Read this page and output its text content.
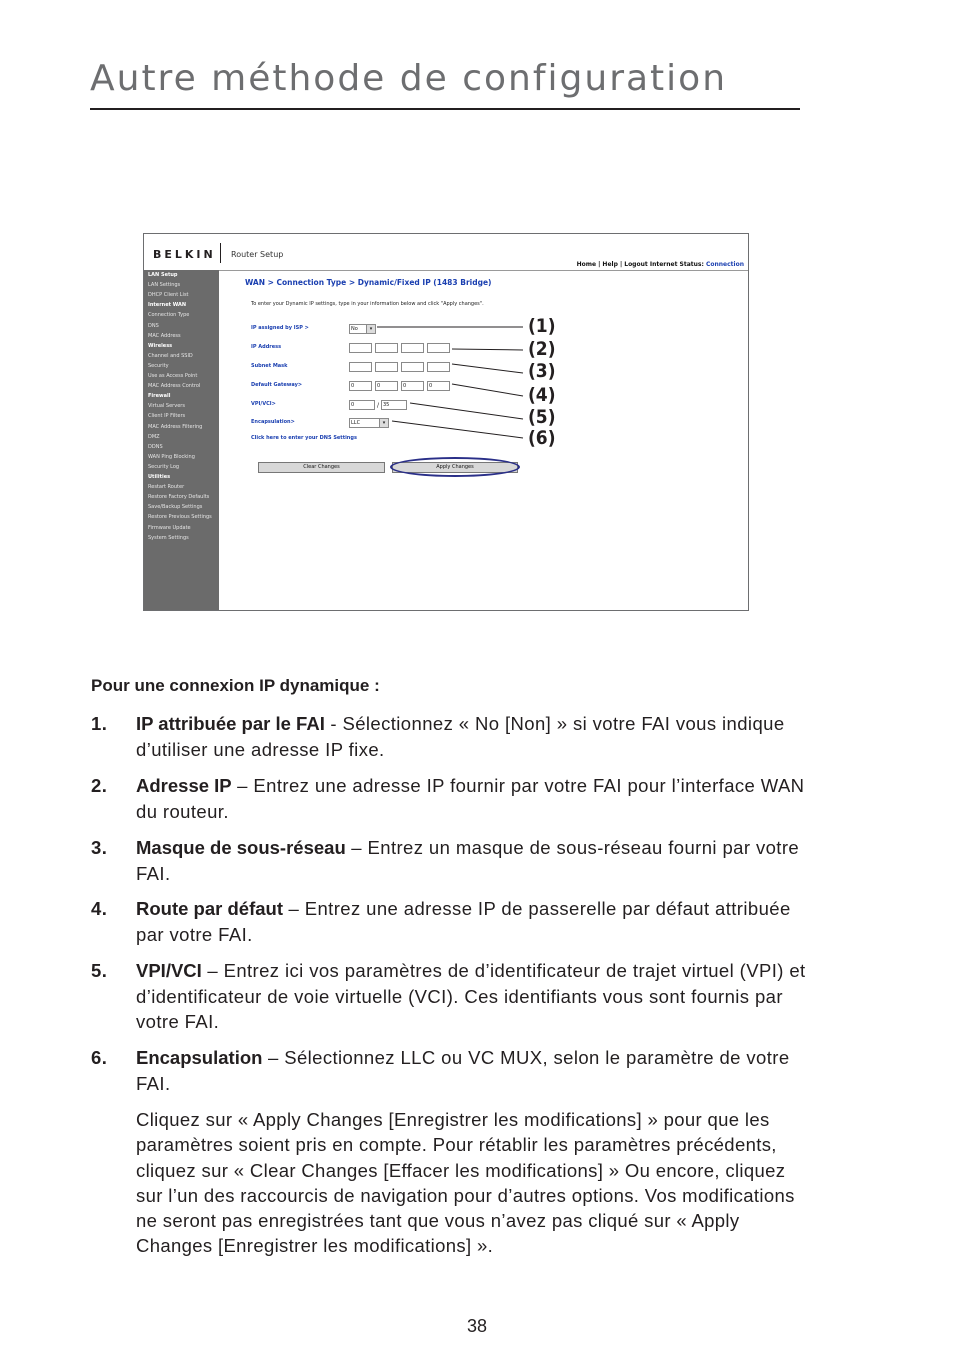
Autre méthode de configuration
BELKIN Router Setup
Home | Help | Logout Internet Status: Connection
LAN Setup
LAN Settings
DHCP Client List
Internet WAN
Connection Type
DNS
MAC Address
Wireless
Channel and SSID
Security
Use as Access Point
MAC Address Control
Firewall
Virtual Servers
Client IP Filters
MAC Address Filtering
DMZ
DDNS
WAN Ping Blocking
Security Log
Utilities
Restart Router
Restore Factory Defaults
Save/Backup Settings
Restore Previous Settings
Firmware Update
System Settings
WAN > Connection Type > Dynamic/Fixed IP (1483 Bridge)
To enter your Dynamic IP settings, type in your information below and click "Apply changes".
IP assigned by ISP >	No	▾
IP Address
Subnet Mask
Default Gateway>	0	0	0	0
VPI/VCI>	0	/ 35
Encapsulation>	LLC	▾
Click here to enter your DNS Settings
Clear Changes	Apply Changes
(1)
(2)
(3)
(4)
(5)
(6)
Pour une connexion IP dynamique :
1. IP attribuée par le FAI - Sélectionnez « No [Non] » si votre FAI vous indique d’utiliser une adresse IP fixe.
2. Adresse IP – Entrez une adresse IP fournir par votre FAI pour l’interface WAN du routeur.
3. Masque de sous-réseau – Entrez un masque de sous-réseau fourni par votre FAI.
4. Route par défaut – Entrez une adresse IP de passerelle par défaut attribuée par votre FAI.
5. VPI/VCI – Entrez ici vos paramètres de d’identificateur de trajet virtuel (VPI) et d’identificateur de voie virtuelle (VCI). Ces identifiants vous sont fournis par votre FAI.
6. Encapsulation – Sélectionnez LLC ou VC MUX, selon le paramètre de votre FAI.
Cliquez sur « Apply Changes [Enregistrer les modifications] » pour que les paramètres soient pris en compte. Pour rétablir les paramètres précédents, cliquez sur « Clear Changes [Effacer les modifications] » Ou encore, cliquez sur l’un des raccourcis de navigation pour d’autres options. Vos modifications ne seront pas enregistrées tant que vous n’avez pas cliqué sur « Apply Changes [Enregistrer les modifications] ».
38
